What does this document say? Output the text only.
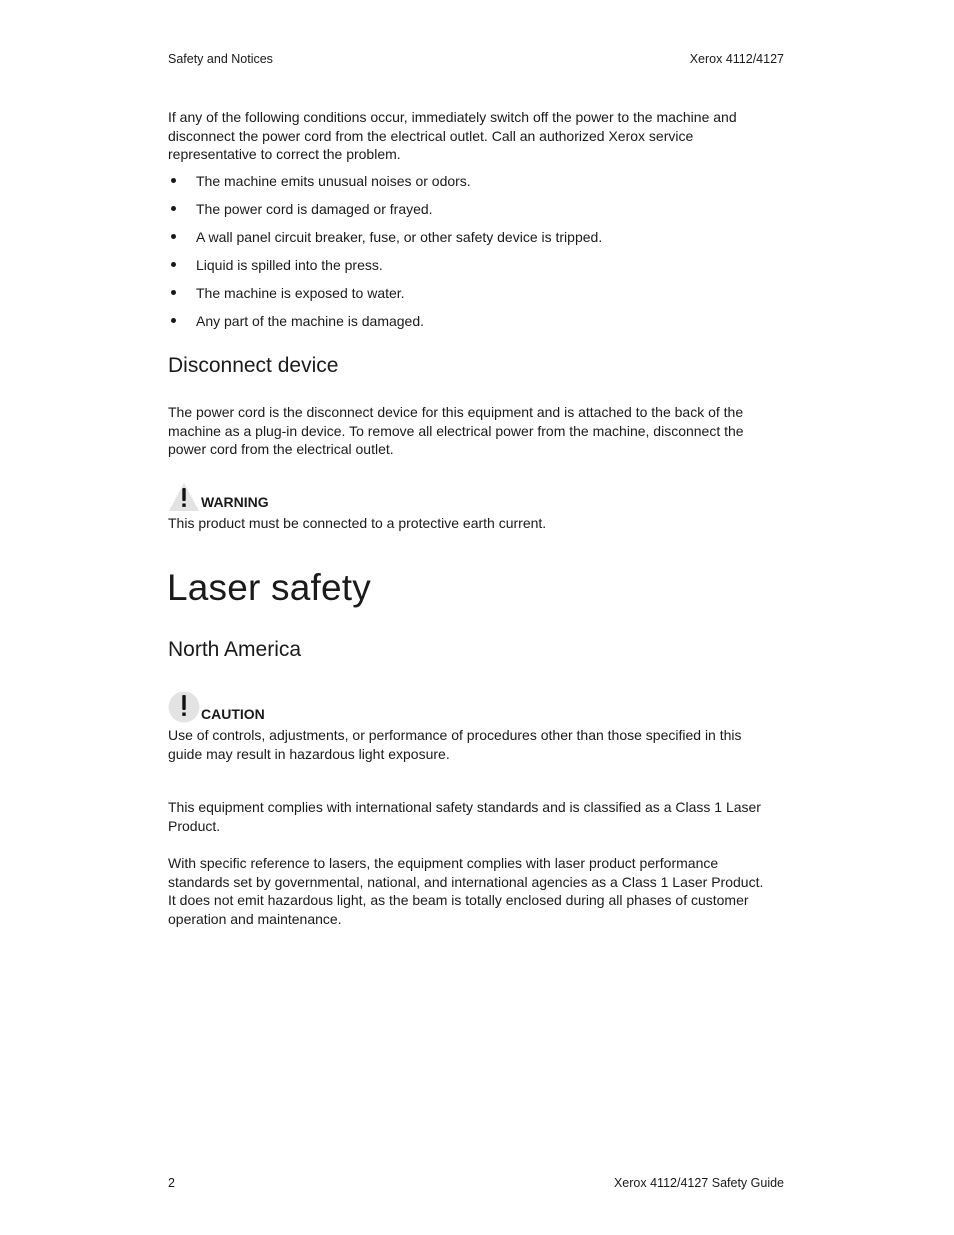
Safety and Notices	Xerox 4112/4127
If any of the following conditions occur, immediately switch off the power to the machine and
disconnect the power cord from the electrical outlet. Call an authorized Xerox service
representative to correct the problem.
The machine emits unusual noises or odors.
The power cord is damaged or frayed.
A wall panel circuit breaker, fuse, or other safety device is tripped.
Liquid is spilled into the press.
The machine is exposed to water.
Any part of the machine is damaged.
Disconnect device
The power cord is the disconnect device for this equipment and is attached to the back of the
machine as a plug-in device. To remove all electrical power from the machine, disconnect the
power cord from the electrical outlet.
WARNING
This product must be connected to a protective earth current.
Laser safety
North America
CAUTION
Use of controls, adjustments, or performance of procedures other than those specified in this
guide may result in hazardous light exposure.
This equipment complies with international safety standards and is classified as a Class 1 Laser
Product.
With specific reference to lasers, the equipment complies with laser product performance
standards set by governmental, national, and international agencies as a Class 1 Laser Product.
It does not emit hazardous light, as the beam is totally enclosed during all phases of customer
operation and maintenance.
2	Xerox 4112/4127 Safety Guide
